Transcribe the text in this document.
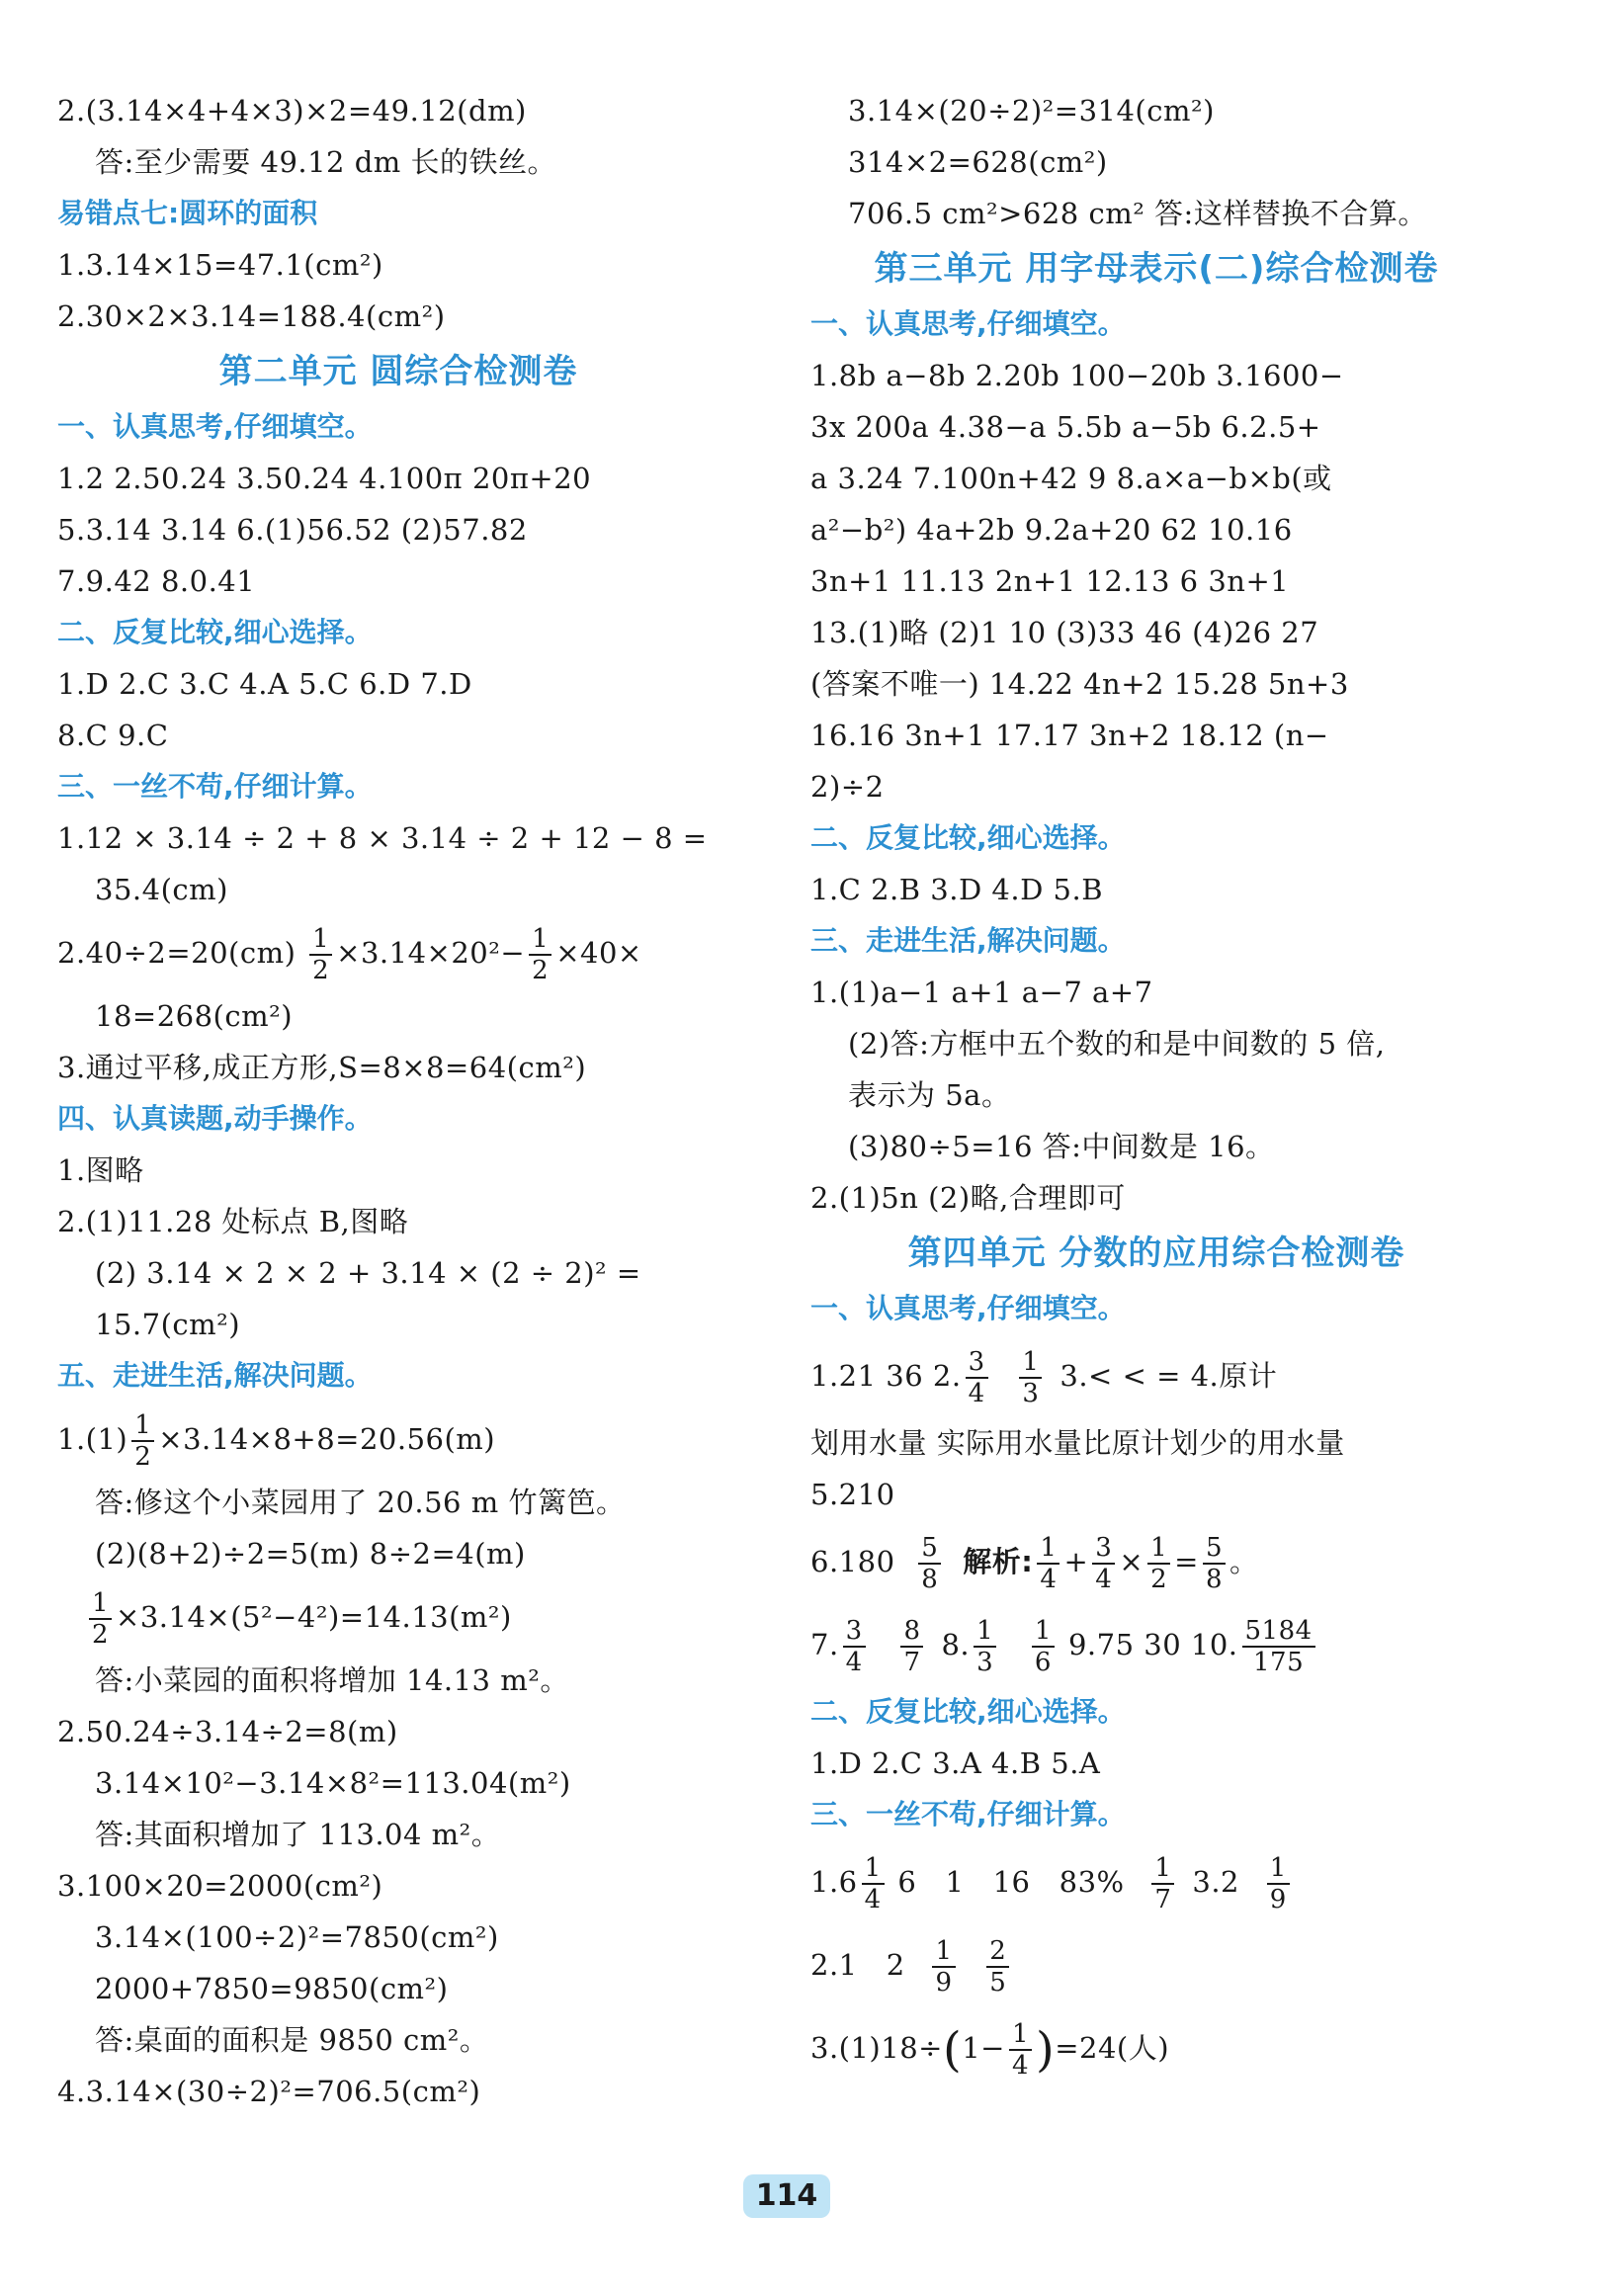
2.(3.14×4+4×3)×2=49.12(dm)
答:至少需要 49.12 dm 长的铁丝。
易错点七:圆环的面积
1.3.14×15=47.1(cm²)
2.30×2×3.14=188.4(cm²)
第二单元 圆综合检测卷
一、认真思考,仔细填空。
1.2 2.50.24 3.50.24 4.100π 20π+20
5.3.14 3.14 6.(1)56.52 (2)57.82
7.9.42 8.0.41
二、反复比较,细心选择。
1.D 2.C 3.C 4.A 5.C 6.D 7.D
8.C 9.C
三、一丝不苟,仔细计算。
1.12 × 3.14 ÷ 2 + 8 × 3.14 ÷ 2 + 12 − 8 =
35.4(cm)
$2.40\div 2=20(cm) \frac{1}{2} \times 3.14\times 20^2- \frac{1}{2} \times 40\times$
18=268(cm²)
3.通过平移,成正方形,S=8×8=64(cm²)
四、认真读题,动手操作。
1.图略
2.(1)11.28 处标点 B,图略
(2) 3.14 × 2 × 2 + 3.14 × (2 ÷ 2)² =
15.7(cm²)
五、走进生活,解决问题。
$1.(1) \frac{1}{2} \times 3.14\times 8+8=20.56(m)$
答:修这个小菜园用了 20.56 m 竹篱笆。
(2)(8+2)÷2=5(m) 8÷2=4(m)
$\frac{1}{2} \times 3.14\times(5^2-4^2)=14.13(m^2)$
答:小菜园的面积将增加 14.13 m²。
2.50.24÷3.14÷2=8(m)
3.14×10²−3.14×8²=113.04(m²)
答:其面积增加了 113.04 m²。
3.100×20=2000(cm²)
3.14×(100÷2)²=7850(cm²)
2000+7850=9850(cm²)
答:桌面的面积是 9850 cm²。
4.3.14×(30÷2)²=706.5(cm²)
3.14×(20÷2)²=314(cm²)
314×2=628(cm²)
706.5 cm²>628 cm² 答:这样替换不合算。
第三单元 用字母表示(二)综合检测卷
一、认真思考,仔细填空。
1.8b a−8b 2.20b 100−20b 3.1600−
3x 200a 4.38−a 5.5b a−5b 6.2.5+
a 3.24 7.100n+42 9 8.a×a−b×b(或
a²−b²) 4a+2b 9.2a+20 62 10.16
3n+1 11.13 2n+1 12.13 6 3n+1
13.(1)略 (2)1 10 (3)33 46 (4)26 27
(答案不唯一) 14.22 4n+2 15.28 5n+3
16.16 3n+1 17.17 3n+2 18.12 (n−
2)÷2
二、反复比较,细心选择。
1.C 2.B 3.D 4.D 5.B
三、走进生活,解决问题。
1.(1)a−1 a+1 a−7 a+7
(2)答:方框中五个数的和是中间数的 5 倍,
表示为 5a。
(3)80÷5=16 答:中间数是 16。
2.(1)5n (2)略,合理即可
第四单元 分数的应用综合检测卷
一、认真思考,仔细填空。
1.21 36 2. $\frac{3}{4}$
$\frac{1}{3} 3.<$ < = 4.原计
划用水量 实际用水量比原计划少的用水量
5.210
$6.180 \frac{5}{8}$ 解析: $\frac{1}{4} + \frac{3}{4} \times \frac{1}{2} = \frac{5}{8}$ 。
7. $\frac{3}{4}$
$\frac{8}{7} 8$. $\frac{1}{3}$
$\frac{1}{6} 9.75$ 30 10. $\frac{5184}{175}$
二、反复比较,细心选择。
1.D 2.C 3.A 4.B 5.A
三、一丝不苟,仔细计算。
$1.6 \frac{1}{4} 6$   1   16   $83\% \frac{1}{7} 3.2 \frac{1}{9}$
2.1   $2 \frac{1}{9}$
$\frac{2}{5}$
$3.(1)18\div(1- \frac{1}{4} )=24$(人)
114
